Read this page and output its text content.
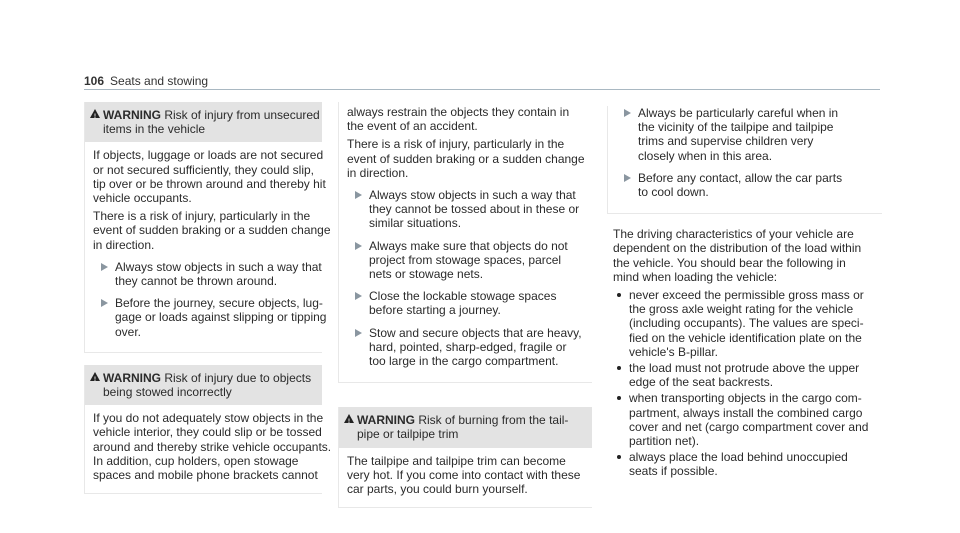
106 Seats and stowing
!
WARNING Risk of injury from unsecured
items in the vehicle

If objects, luggage or loads are not secured
or not secured sufficiently, they could slip,
tip over or be thrown around and thereby hit
vehicle occupants.

There is a risk of injury, particularly in the
event of sudden braking or a sudden change
in direction.

Always stow objects in such a way that
they cannot be thrown around.
Before the journey, secure objects, lug-
gage or loads against slipping or tipping
over.
!
WARNING Risk of injury due to objects
being stowed incorrectly

If you do not adequately stow objects in the
vehicle interior, they could slip or be tossed
around and thereby strike vehicle occupants.
In addition, cup holders, open stowage
spaces and mobile phone brackets cannot

always restrain the objects they contain in
the event of an accident.

There is a risk of injury, particularly in the
event of sudden braking or a sudden change
in direction.

Always stow objects in such a way that
they cannot be tossed about in these or
similar situations.
Always make sure that objects do not
project from stowage spaces, parcel
nets or stowage nets.
Close the lockable stowage spaces
before starting a journey.
Stow and secure objects that are heavy,
hard, pointed, sharp-edged, fragile or
too large in the cargo compartment.
!
WARNING Risk of burning from the tail-
pipe or tailpipe trim

The tailpipe and tailpipe trim can become
very hot. If you come into contact with these
car parts, you could burn yourself.

Always be particularly careful when in
the vicinity of the tailpipe and tailpipe
trims and supervise children very
closely when in this area.
Before any contact, allow the car parts
to cool down.

The driving characteristics of your vehicle are
dependent on the distribution of the load within
the vehicle. You should bear the following in
mind when loading the vehicle:

never exceed the permissible gross mass or
the gross axle weight rating for the vehicle
(including occupants). The values are speci-
fied on the vehicle identification plate on the
vehicle's B-pillar.
the load must not protrude above the upper
edge of the seat backrests.
when transporting objects in the cargo com-
partment, always install the combined cargo
cover and net (cargo compartment cover and
partition net).
always place the load behind unoccupied
seats if possible.
